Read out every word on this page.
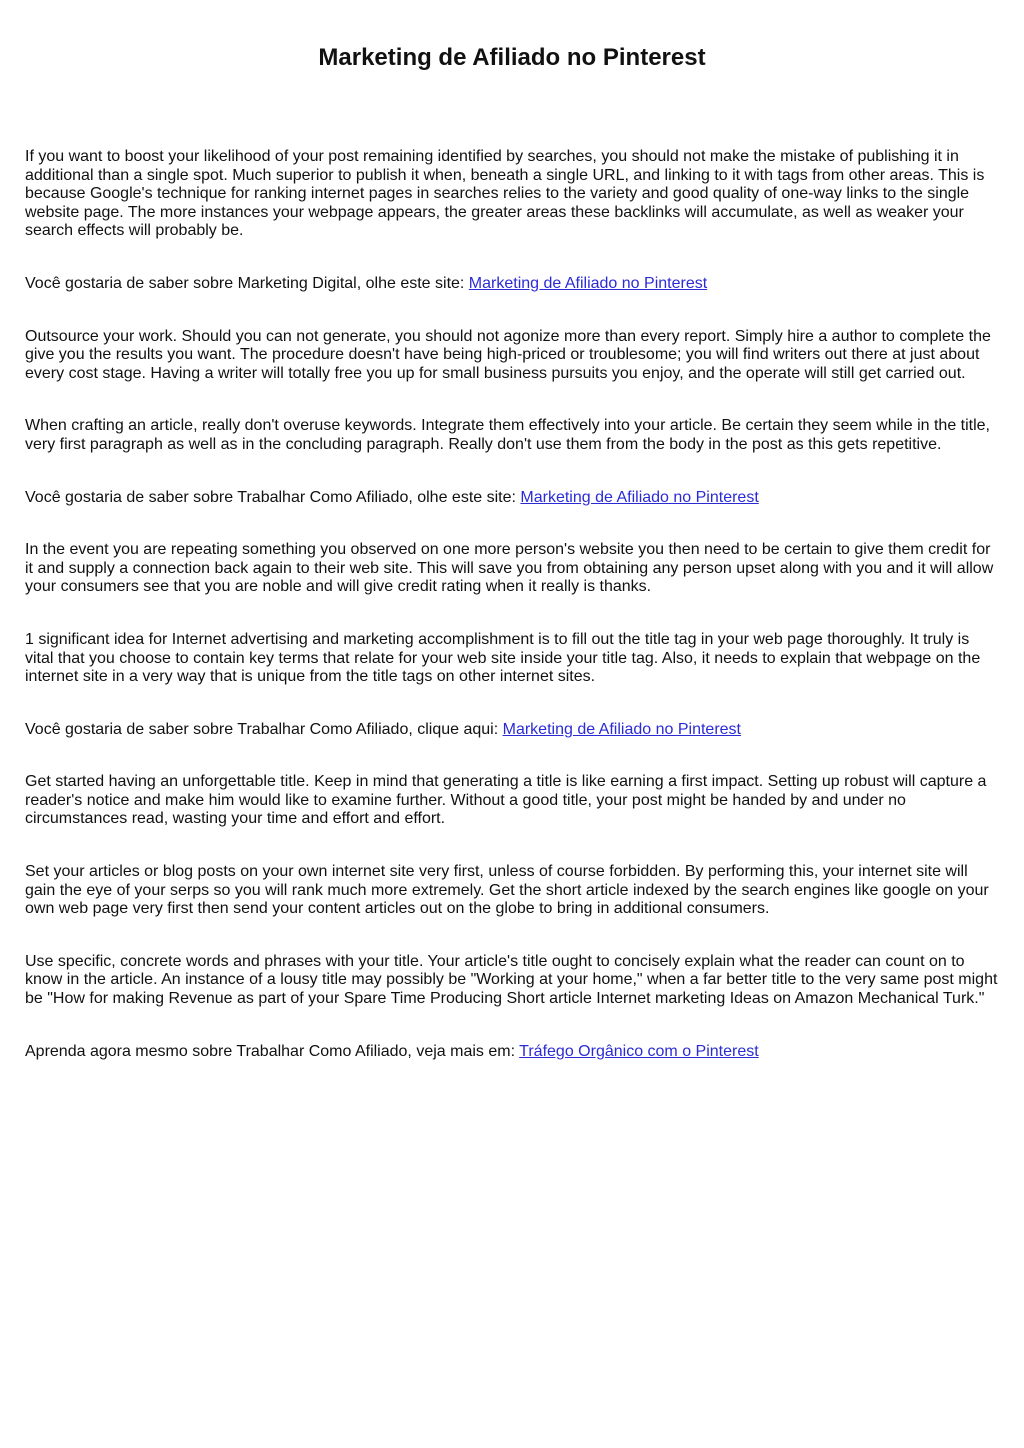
Marketing de Afiliado no Pinterest

If you want to boost your likelihood of your post remaining identified by searches, you should not make the mistake of publishing it in additional than a single spot. Much superior to publish it when, beneath a single URL, and linking to it with tags from other areas. This is because Google's technique for ranking internet pages in searches relies to the variety and good quality of one-way links to the single website page. The more instances your webpage appears, the greater areas these backlinks will accumulate, as well as weaker your search effects will probably be.

Você gostaria de saber sobre Marketing Digital, olhe este site: Marketing de Afiliado no Pinterest

Outsource your work. Should you can not generate, you should not agonize more than every report. Simply hire a author to complete the give you the results you want. The procedure doesn't have being high-priced or troublesome; you will find writers out there at just about every cost stage. Having a writer will totally free you up for small business pursuits you enjoy, and the operate will still get carried out.

When crafting an article, really don't overuse keywords. Integrate them effectively into your article. Be certain they seem while in the title, very first paragraph as well as in the concluding paragraph. Really don't use them from the body in the post as this gets repetitive.

Você gostaria de saber sobre Trabalhar Como Afiliado, olhe este site: Marketing de Afiliado no Pinterest

In the event you are repeating something you observed on one more person's website you then need to be certain to give them credit for it and supply a connection back again to their web site. This will save you from obtaining any person upset along with you and it will allow your consumers see that you are noble and will give credit rating when it really is thanks.

1 significant idea for Internet advertising and marketing accomplishment is to fill out the title tag in your web page thoroughly. It truly is vital that you choose to contain key terms that relate for your web site inside your title tag. Also, it needs to explain that webpage on the internet site in a very way that is unique from the title tags on other internet sites.

Você gostaria de saber sobre Trabalhar Como Afiliado, clique aqui: Marketing de Afiliado no Pinterest

Get started having an unforgettable title. Keep in mind that generating a title is like earning a first impact. Setting up robust will capture a reader's notice and make him would like to examine further. Without a good title, your post might be handed by and under no circumstances read, wasting your time and effort and effort.

Set your articles or blog posts on your own internet site very first, unless of course forbidden. By performing this, your internet site will gain the eye of your serps so you will rank much more extremely. Get the short article indexed by the search engines like google on your own web page very first then send your content articles out on the globe to bring in additional consumers.

Use specific, concrete words and phrases with your title. Your article's title ought to concisely explain what the reader can count on to know in the article. An instance of a lousy title may possibly be "Working at your home," when a far better title to the very same post might be "How for making Revenue as part of your Spare Time Producing Short article Internet marketing Ideas on Amazon Mechanical Turk."

Aprenda agora mesmo sobre Trabalhar Como Afiliado, veja mais em: Tráfego Orgânico com o Pinterest
